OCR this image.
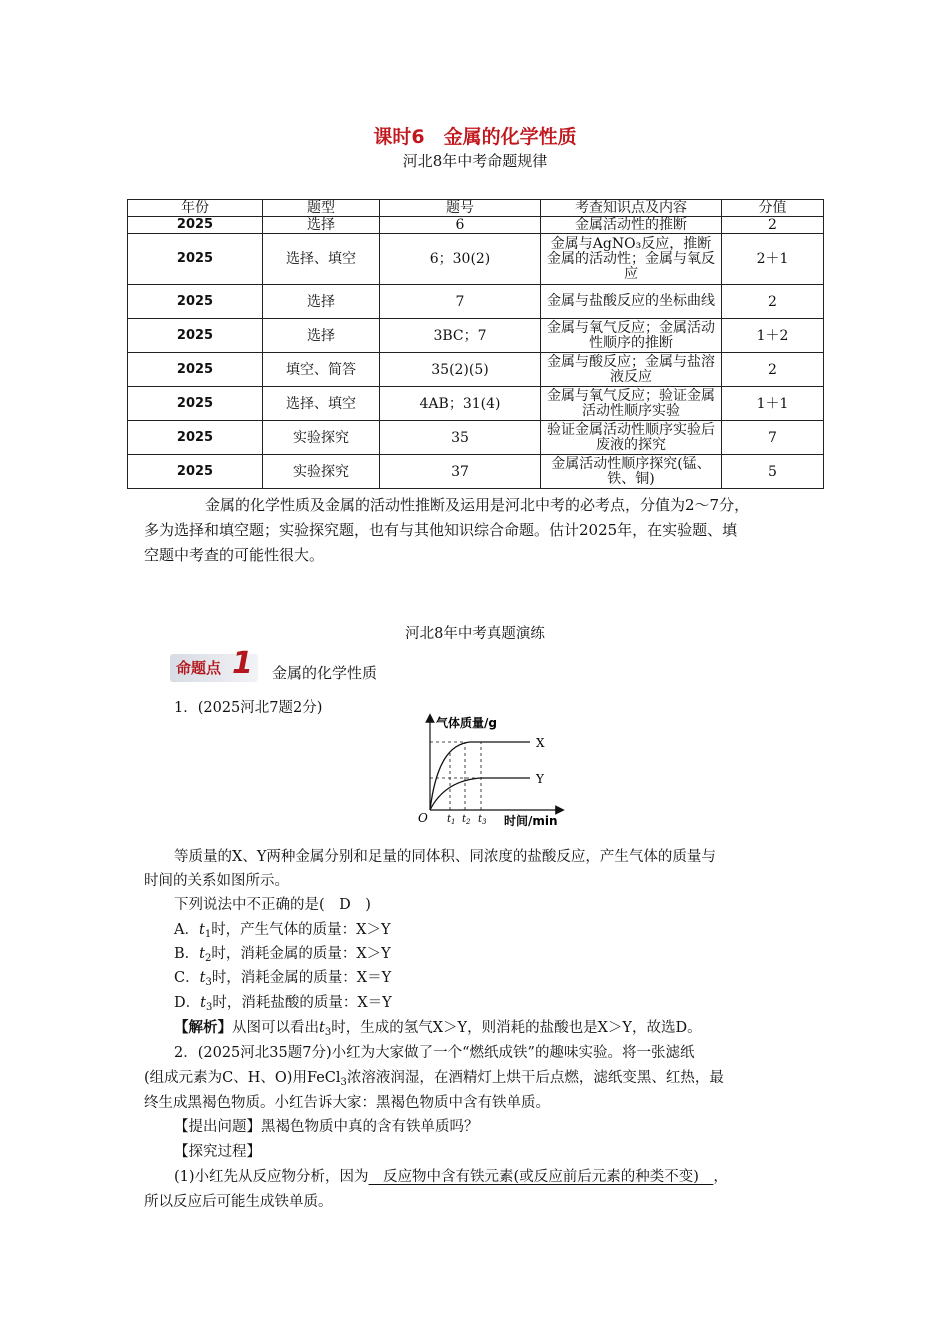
课时6　金属的化学性质
河北8年中考命题规律
年份	题型	题号	考查知识点及内容	分值
2025	选择	6	金属活动性的推断	2
2025	选择、填空	6；30(2)	金属与AgNO₃反应，推断金属的活动性；金属与氧反应	2＋1
2025	选择	7	金属与盐酸反应的坐标曲线	2
2025	选择	3BC；7	金属与氧气反应；金属活动性顺序的推断	1＋2
2025	填空、简答	35(2)(5)	金属与酸反应；金属与盐溶液反应	2
2025	选择、填空	4AB；31(4)	金属与氧气反应；验证金属活动性顺序实验	1＋1
2025	实验探究	35	验证金属活动性顺序实验后废液的探究	7
2025	实验探究	37	金属活动性顺序探究(锰、铁、铜)	5
金属的化学性质及金属的活动性推断及运用是河北中考的必考点，分值为2～7分，
多为选择和填空题；实验探究题，也有与其他知识综合命题。估计2025年，在实验题、填
空题中考查的可能性很大。
河北8年中考真题演练
命题点 1 金属的化学性质
1．(2025河北7题2分)
气体质量/g
时间/min
O
X
Y
$t_1$ $t_2$ $t_3$
等质量的X、Y两种金属分别和足量的同体积、同浓度的盐酸反应，产生气体的质量与
时间的关系如图所示。
下列说法中不正确的是(　D　)
A．$t_1$时，产生气体的质量：X＞Y
B．$t_2$时，消耗金属的质量：X＞Y
C．$t_3$时，消耗金属的质量：X＝Y
D．$t_3$时，消耗盐酸的质量：X＝Y
【解析】从图可以看出$t_3$时，生成的氢气X＞Y，则消耗的盐酸也是X＞Y，故选D。
2．(2025河北35题7分)小红为大家做了一个“燃纸成铁”的趣味实验。将一张滤纸
(组成元素为C、H、O)用FeCl$_3$浓溶液润湿，在酒精灯上烘干后点燃，滤纸变黑、红热，最
终生成黑褐色物质。小红告诉大家：黑褐色物质中含有铁单质。
【提出问题】黑褐色物质中真的含有铁单质吗？
【探究过程】
(1)小红先从反应物分析，因为　反应物中含有铁元素(或反应前后元素的种类不变)　，
所以反应后可能生成铁单质。
